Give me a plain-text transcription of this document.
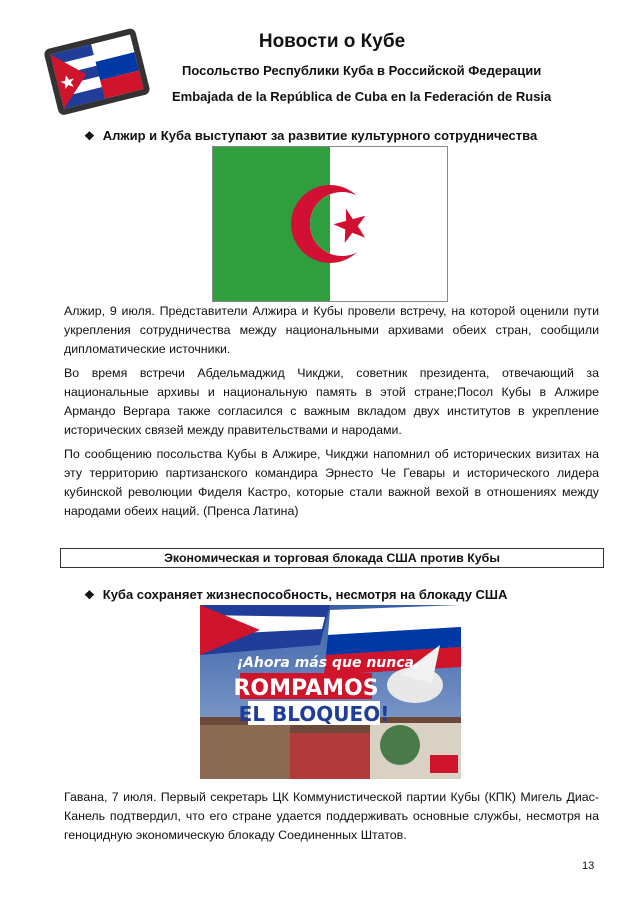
Новости о Кубе
Посольство Республики Куба в Российской Федерации
Embajada de la República de Cuba en la Federación de Rusia
❖ Алжир и Куба выступают за развитие культурного сотрудничества

Алжир, 9 июля. Представители Алжира и Кубы провели встречу, на которой оценили пути укрепления сотрудничества между национальными архивами обеих стран, сообщили дипломатические источники.

Во время встречи Абдельмаджид Чикджи, советник президента, отвечающий за национальные архивы и национальную память в этой стране;Посол Кубы в Алжире Армандо Вергара также согласился с важным вкладом двух институтов в укрепление исторических связей между правительствами и народами.

По сообщению посольства Кубы в Алжире, Чикджи напомнил об исторических визитах на эту территорию партизанского командира Эрнесто Че Гевары и исторического лидера кубинской революции Фиделя Кастро, которые стали важной вехой в отношениях между народами обеих наций. (Пренса Латина)

Экономическая и торговая блокада США против Кубы
❖ Куба сохраняет жизнеспособность, несмотря на блокаду США
¡Ahora más que nunca,
ROMPAMOS
EL BLOQUEO!

Гавана, 7 июля. Первый секретарь ЦК Коммунистической партии Кубы (КПК) Мигель Диас-Канель подтвердил, что его стране удается поддерживать основные службы, несмотря на геноцидную экономическую блокаду Соединенных Штатов.

13
